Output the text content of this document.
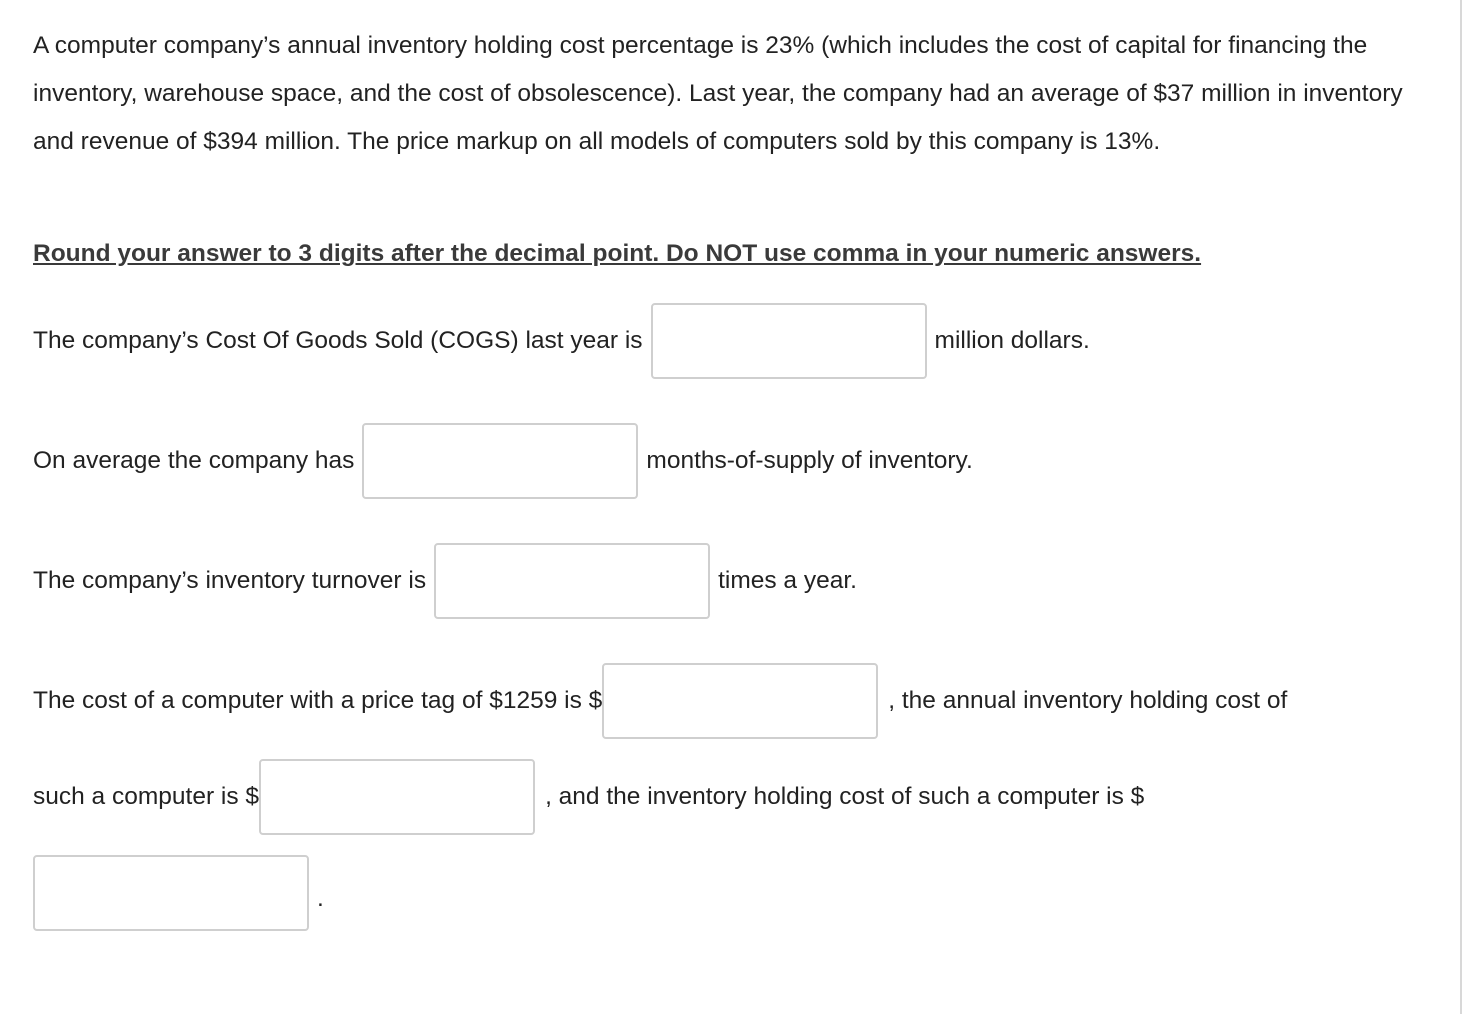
A computer company’s annual inventory holding cost percentage is 23% (which includes the cost of capital for financing the inventory, warehouse space, and the cost of obsolescence). Last year, the company had an average of $37 million in inventory and revenue of $394 million. The price markup on all models of computers sold by this company is 13%.

Round your answer to 3 digits after the decimal point. Do NOT use comma in your numeric answers.
The company’s Cost Of Goods Sold (COGS) last year is	million dollars.
On average the company has	months-of-supply of inventory.
The company’s inventory turnover is	times a year.
The cost of a computer with a price tag of $1259 is $	, the annual inventory holding cost of
such a computer is $	, and the inventory holding cost of such a computer is $
.
